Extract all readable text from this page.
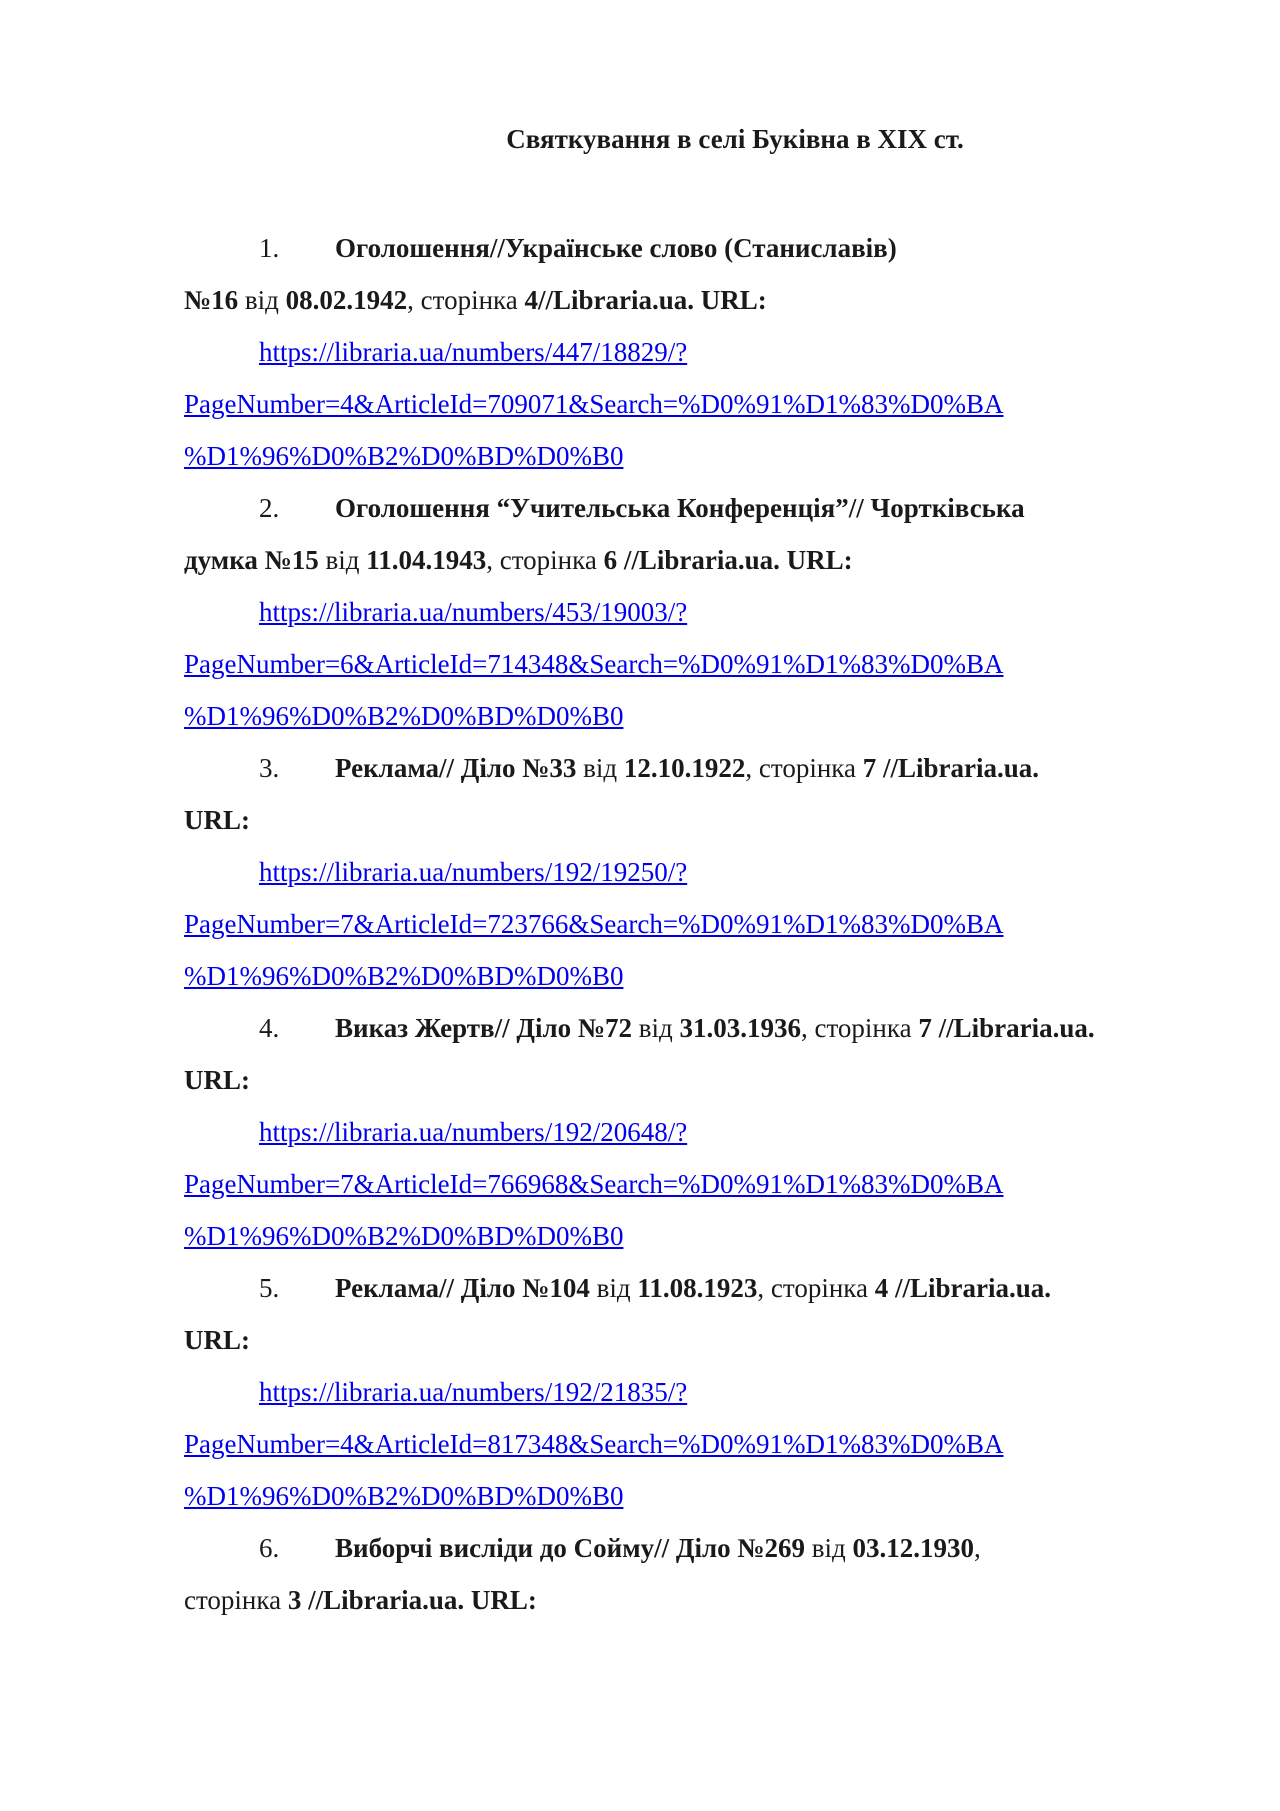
Святкування в селі Буківна в XIX ст.
1. Оголошення//Українське слово (Станиславів)
№16 від 08.02.1942, сторінка 4//Libraria.ua. URL:
https://libraria.ua/numbers/447/18829/?
PageNumber=4&ArticleId=709071&Search=%D0%91%D1%83%D0%BA
%D1%96%D0%B2%D0%BD%D0%B0
2. Оголошення “Учительська Конференція”// Чортківська
думка №15 від 11.04.1943, сторінка 6 //Libraria.ua. URL:
https://libraria.ua/numbers/453/19003/?
PageNumber=6&ArticleId=714348&Search=%D0%91%D1%83%D0%BA
%D1%96%D0%B2%D0%BD%D0%B0
3. Реклама// Діло №33 від 12.10.1922, сторінка 7 //Libraria.ua.
URL:
https://libraria.ua/numbers/192/19250/?
PageNumber=7&ArticleId=723766&Search=%D0%91%D1%83%D0%BA
%D1%96%D0%B2%D0%BD%D0%B0
4. Виказ Жертв// Діло №72 від 31.03.1936, сторінка 7 //Libraria.ua.
URL:
https://libraria.ua/numbers/192/20648/?
PageNumber=7&ArticleId=766968&Search=%D0%91%D1%83%D0%BA
%D1%96%D0%B2%D0%BD%D0%B0
5. Реклама// Діло №104 від 11.08.1923, сторінка 4 //Libraria.ua.
URL:
https://libraria.ua/numbers/192/21835/?
PageNumber=4&ArticleId=817348&Search=%D0%91%D1%83%D0%BA
%D1%96%D0%B2%D0%BD%D0%B0
6. Виборчі висліди до Сойму// Діло №269 від 03.12.1930,
сторінка 3 //Libraria.ua. URL:
